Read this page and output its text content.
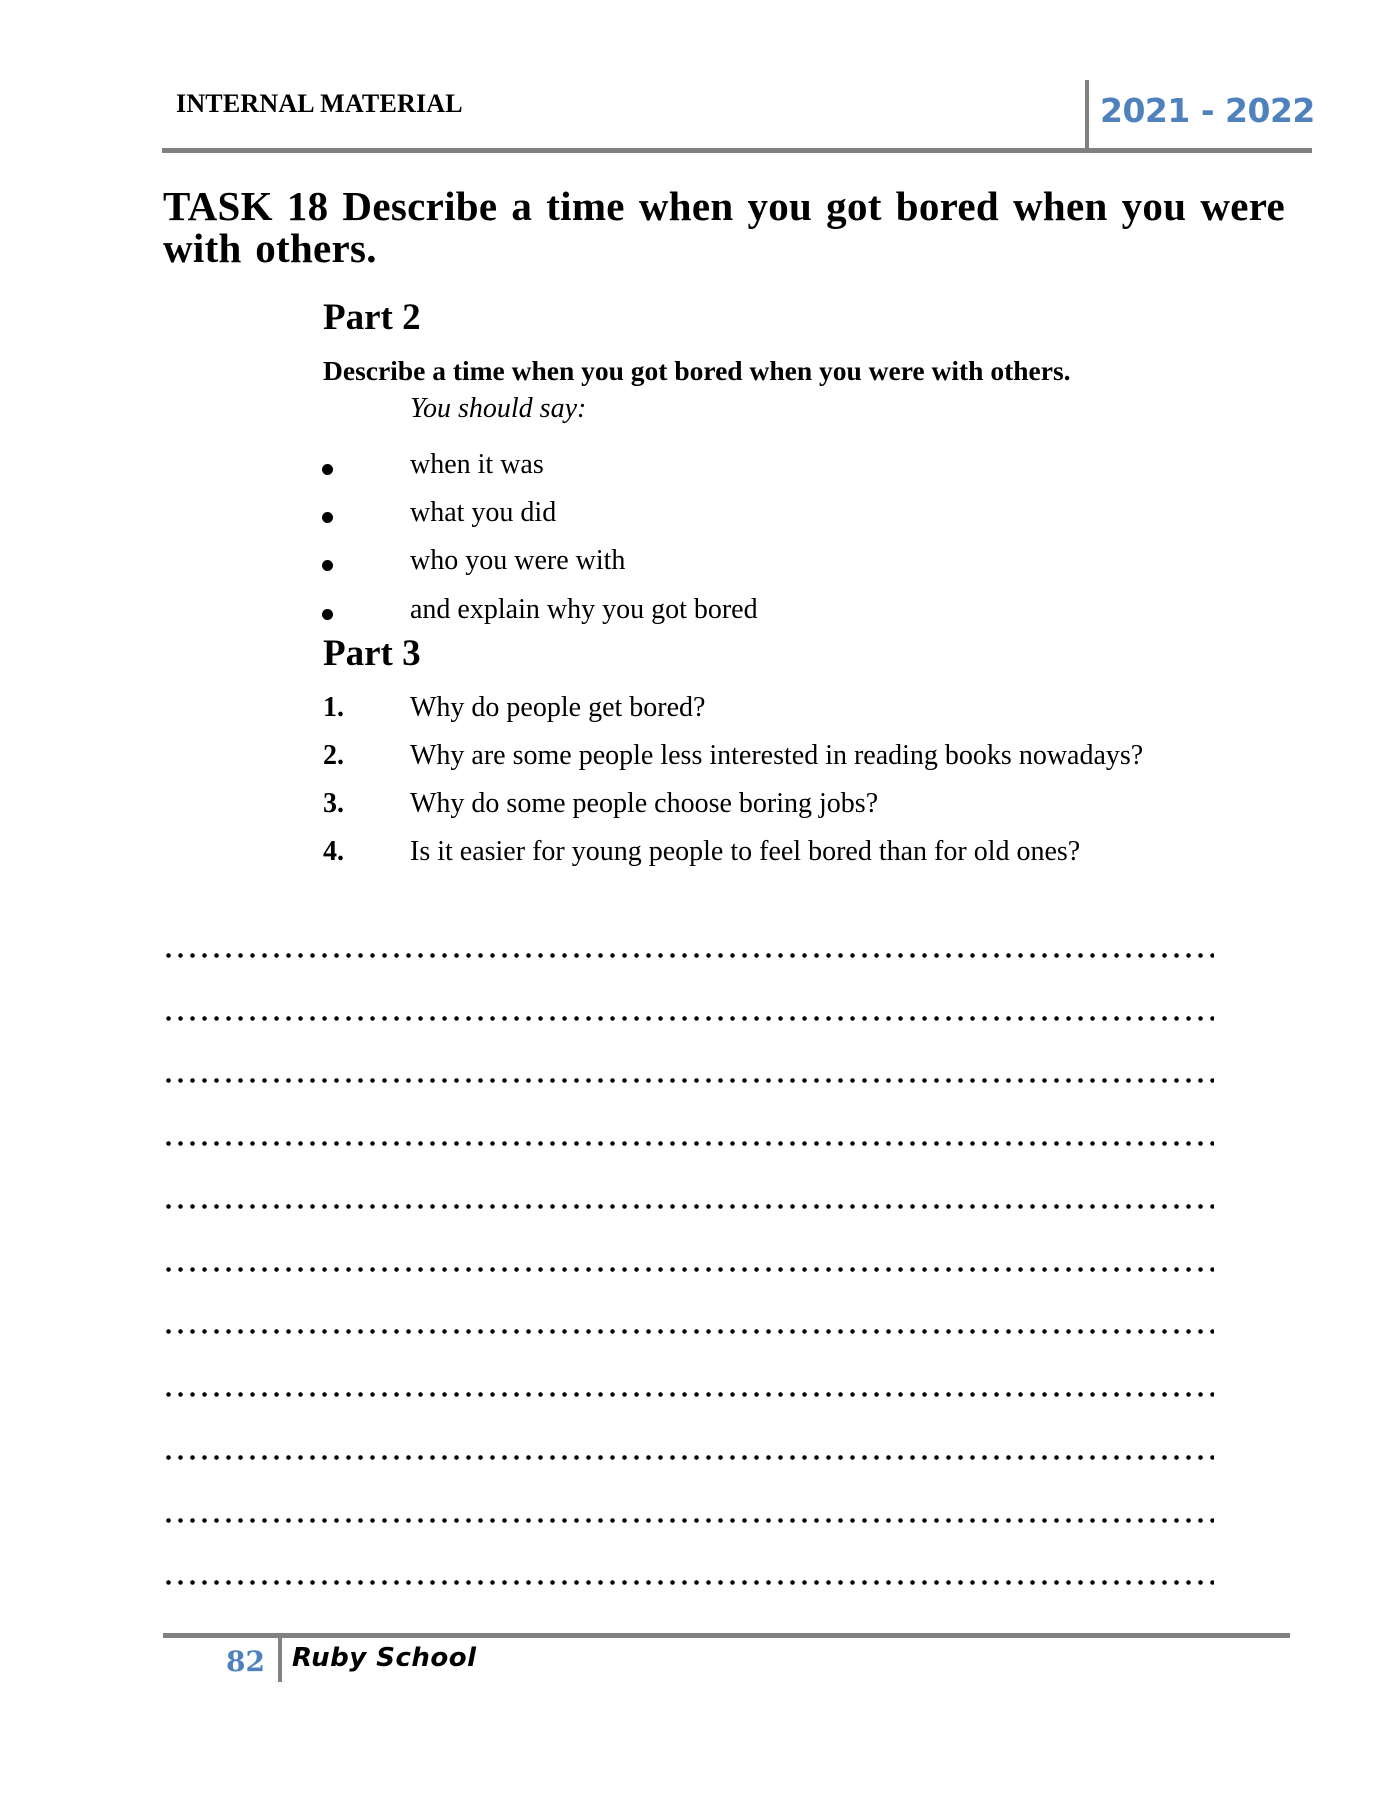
INTERNAL MATERIAL	2021 - 2022
TASK 18 Describe a time when you got bored when you were with others.
Part 2
Describe a time when you got bored when you were with others.
You should say:
when it was
what you did
who you were with
and explain why you got bored
Part 3
1. Why do people get bored?
2. Why are some people less interested in reading books nowadays?
3. Why do some people choose boring jobs?
4. Is it easier for young people to feel bored than for old ones?
82 Ruby School
